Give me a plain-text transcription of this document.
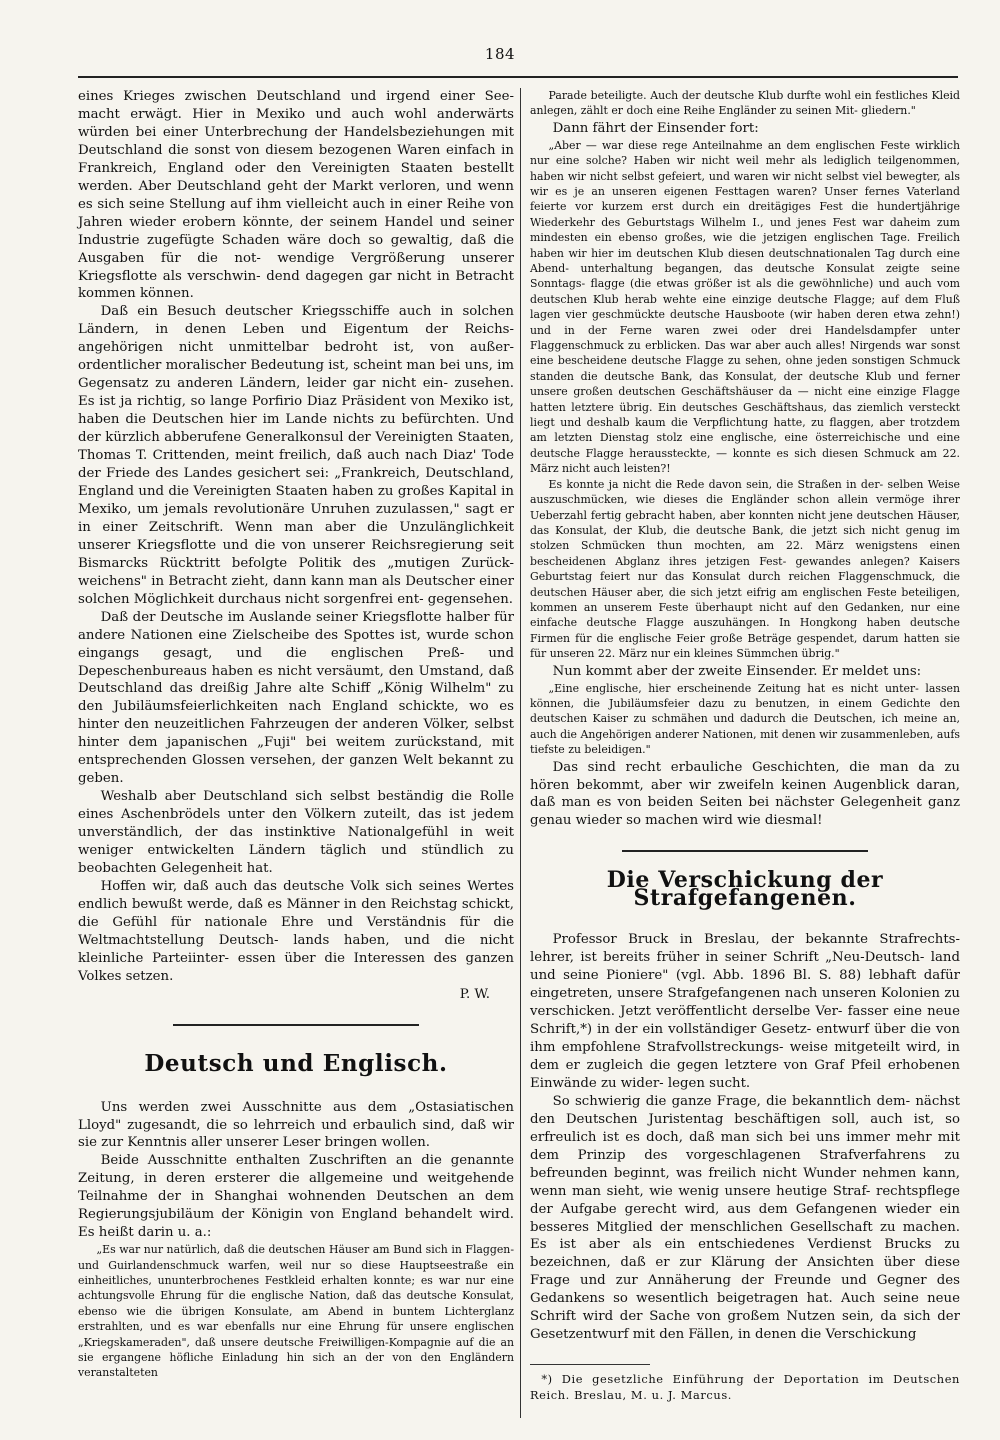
184

eines Krieges zwischen Deutschland und irgend einer See- macht erwägt. Hier in Mexiko und auch wohl anderwärts würden bei einer Unterbrechung der Handelsbeziehungen mit Deutschland die sonst von diesem bezogenen Waren einfach in Frankreich, England oder den Vereinigten Staaten bestellt werden. Aber Deutschland geht der Markt verloren, und wenn es sich seine Stellung auf ihm vielleicht auch in einer Reihe von Jahren wieder erobern könnte, der seinem Handel und seiner Industrie zugefügte Schaden wäre doch so gewaltig, daß die Ausgaben für die not- wendige Vergrößerung unserer Kriegsflotte als verschwin- dend dagegen gar nicht in Betracht kommen können.

Daß ein Besuch deutscher Kriegsschiffe auch in solchen Ländern, in denen Leben und Eigentum der Reichs- angehörigen nicht unmittelbar bedroht ist, von außer- ordentlicher moralischer Bedeutung ist, scheint man bei uns, im Gegensatz zu anderen Ländern, leider gar nicht ein- zusehen. Es ist ja richtig, so lange Porfirio Diaz Präsident von Mexiko ist, haben die Deutschen hier im Lande nichts zu befürchten. Und der kürzlich abberufene Generalkonsul der Vereinigten Staaten, Thomas T. Crittenden, meint freilich, daß auch nach Diaz' Tode der Friede des Landes gesichert sei: „Frankreich, Deutschland, England und die Vereinigten Staaten haben zu großes Kapital in Mexiko, um jemals revolutionäre Unruhen zuzulassen," sagt er in einer Zeitschrift. Wenn man aber die Unzulänglichkeit unserer Kriegsflotte und die von unserer Reichsregierung seit Bismarcks Rücktritt befolgte Politik des „mutigen Zurück- weichens" in Betracht zieht, dann kann man als Deutscher einer solchen Möglichkeit durchaus nicht sorgenfrei ent- gegensehen.

Daß der Deutsche im Auslande seiner Kriegsflotte halber für andere Nationen eine Zielscheibe des Spottes ist, wurde schon eingangs gesagt, und die englischen Preß- und Depeschenbureaus haben es nicht versäumt, den Umstand, daß Deutschland das dreißig Jahre alte Schiff „König Wilhelm" zu den Jubiläumsfeierlichkeiten nach England schickte, wo es hinter den neuzeitlichen Fahrzeugen der anderen Völker, selbst hinter dem japanischen „Fuji" bei weitem zurückstand, mit entsprechenden Glossen versehen, der ganzen Welt bekannt zu geben.

Weshalb aber Deutschland sich selbst beständig die Rolle eines Aschenbrödels unter den Völkern zuteilt, das ist jedem unverständlich, der das instinktive Nationalgefühl in weit weniger entwickelten Ländern täglich und stündlich zu beobachten Gelegenheit hat.

Hoffen wir, daß auch das deutsche Volk sich seines Wertes endlich bewußt werde, daß es Männer in den Reichstag schickt, die Gefühl für nationale Ehre und Verständnis für die Weltmachtstellung Deutsch- lands haben, und die nicht kleinliche Parteiinter- essen über die Interessen des ganzen Volkes setzen.

P. W.

Deutsch und Englisch.

Uns werden zwei Ausschnitte aus dem „Ostasiatischen Lloyd" zugesandt, die so lehrreich und erbaulich sind, daß wir sie zur Kenntnis aller unserer Leser bringen wollen.

Beide Ausschnitte enthalten Zuschriften an die genannte Zeitung, in deren ersterer die allgemeine und weitgehende Teilnahme der in Shanghai wohnenden Deutschen an dem Regierungsjubiläum der Königin von England behandelt wird. Es heißt darin u. a.:

„Es war nur natürlich, daß die deutschen Häuser am Bund sich in Flaggen- und Guirlandenschmuck warfen, weil nur so diese Hauptseestraße ein einheitliches, ununterbrochenes Festkleid erhalten konnte; es war nur eine achtungsvolle Ehrung für die englische Nation, daß das deutsche Konsulat, ebenso wie die übrigen Konsulate, am Abend in buntem Lichterglanz erstrahlten, und es war ebenfalls nur eine Ehrung für unsere englischen „Kriegskameraden", daß unsere deutsche Freiwilligen-Kompagnie auf die an sie ergangene höfliche Einladung hin sich an der von den Engländern veranstalteten

Parade beteiligte. Auch der deutsche Klub durfte wohl ein festliches Kleid anlegen, zählt er doch eine Reihe Engländer zu seinen Mit- gliedern."

Dann fährt der Einsender fort:

„Aber — war diese rege Anteilnahme an dem englischen Feste wirklich nur eine solche? Haben wir nicht weil mehr als lediglich teilgenommen, haben wir nicht selbst gefeiert, und waren wir nicht selbst viel bewegter, als wir es je an unseren eigenen Festtagen waren? Unser fernes Vaterland feierte vor kurzem erst durch ein dreitägiges Fest die hundertjährige Wiederkehr des Geburtstags Wilhelm I., und jenes Fest war daheim zum mindesten ein ebenso großes, wie die jetzigen englischen Tage. Freilich haben wir hier im deutschen Klub diesen deutschnationalen Tag durch eine Abend- unterhaltung begangen, das deutsche Konsulat zeigte seine Sonntags- flagge (die etwas größer ist als die gewöhnliche) und auch vom deutschen Klub herab wehte eine einzige deutsche Flagge; auf dem Fluß lagen vier geschmückte deutsche Hausboote (wir haben deren etwa zehn!) und in der Ferne waren zwei oder drei Handelsdampfer unter Flaggenschmuck zu erblicken. Das war aber auch alles! Nirgends war sonst eine bescheidene deutsche Flagge zu sehen, ohne jeden sonstigen Schmuck standen die deutsche Bank, das Konsulat, der deutsche Klub und ferner unsere großen deutschen Geschäftshäuser da — nicht eine einzige Flagge hatten letztere übrig. Ein deutsches Geschäftshaus, das ziemlich versteckt liegt und deshalb kaum die Verpflichtung hatte, zu flaggen, aber trotzdem am letzten Dienstag stolz eine englische, eine österreichische und eine deutsche Flagge heraussteckte, — konnte es sich diesen Schmuck am 22. März nicht auch leisten?!

Es konnte ja nicht die Rede davon sein, die Straßen in der- selben Weise auszuschmücken, wie dieses die Engländer schon allein vermöge ihrer Ueberzahl fertig gebracht haben, aber konnten nicht jene deutschen Häuser, das Konsulat, der Klub, die deutsche Bank, die jetzt sich nicht genug im stolzen Schmücken thun mochten, am 22. März wenigstens einen bescheidenen Abglanz ihres jetzigen Fest- gewandes anlegen? Kaisers Geburtstag feiert nur das Konsulat durch reichen Flaggenschmuck, die deutschen Häuser aber, die sich jetzt eifrig am englischen Feste beteiligen, kommen an unserem Feste überhaupt nicht auf den Gedanken, nur eine einfache deutsche Flagge auszuhängen. In Hongkong haben deutsche Firmen für die englische Feier große Beträge gespendet, darum hatten sie für unseren 22. März nur ein kleines Sümmchen übrig."

Nun kommt aber der zweite Einsender. Er meldet uns:

„Eine englische, hier erscheinende Zeitung hat es nicht unter- lassen können, die Jubiläumsfeier dazu zu benutzen, in einem Gedichte den deutschen Kaiser zu schmähen und dadurch die Deutschen, ich meine an, auch die Angehörigen anderer Nationen, mit denen wir zusammenleben, aufs tiefste zu beleidigen."

Das sind recht erbauliche Geschichten, die man da zu hören bekommt, aber wir zweifeln keinen Augenblick daran, daß man es von beiden Seiten bei nächster Gelegenheit ganz genau wieder so machen wird wie diesmal!

Die Verschickung der Strafgefangenen.

Professor Bruck in Breslau, der bekannte Strafrechts- lehrer, ist bereits früher in seiner Schrift „Neu-Deutsch- land und seine Pioniere" (vgl. Abb. 1896 Bl. S. 88) lebhaft dafür eingetreten, unsere Strafgefangenen nach unseren Kolonien zu verschicken. Jetzt veröffentlicht derselbe Ver- fasser eine neue Schrift,*) in der ein vollständiger Gesetz- entwurf über die von ihm empfohlene Strafvollstreckungs- weise mitgeteilt wird, in dem er zugleich die gegen letztere von Graf Pfeil erhobenen Einwände zu wider- legen sucht.

So schwierig die ganze Frage, die bekanntlich dem- nächst den Deutschen Juristentag beschäftigen soll, auch ist, so erfreulich ist es doch, daß man sich bei uns immer mehr mit dem Prinzip des vorgeschlagenen Strafverfahrens zu befreunden beginnt, was freilich nicht Wunder nehmen kann, wenn man sieht, wie wenig unsere heutige Straf- rechtspflege der Aufgabe gerecht wird, aus dem Gefangenen wieder ein besseres Mitglied der menschlichen Gesellschaft zu machen. Es ist aber als ein entschiedenes Verdienst Brucks zu bezeichnen, daß er zur Klärung der Ansichten über diese Frage und zur Annäherung der Freunde und Gegner des Gedankens so wesentlich beigetragen hat. Auch seine neue Schrift wird der Sache von großem Nutzen sein, da sich der Gesetzentwurf mit den Fällen, in denen die Verschickung

*) Die gesetzliche Einführung der Deportation im Deutschen Reich. Breslau, M. u. J. Marcus.
